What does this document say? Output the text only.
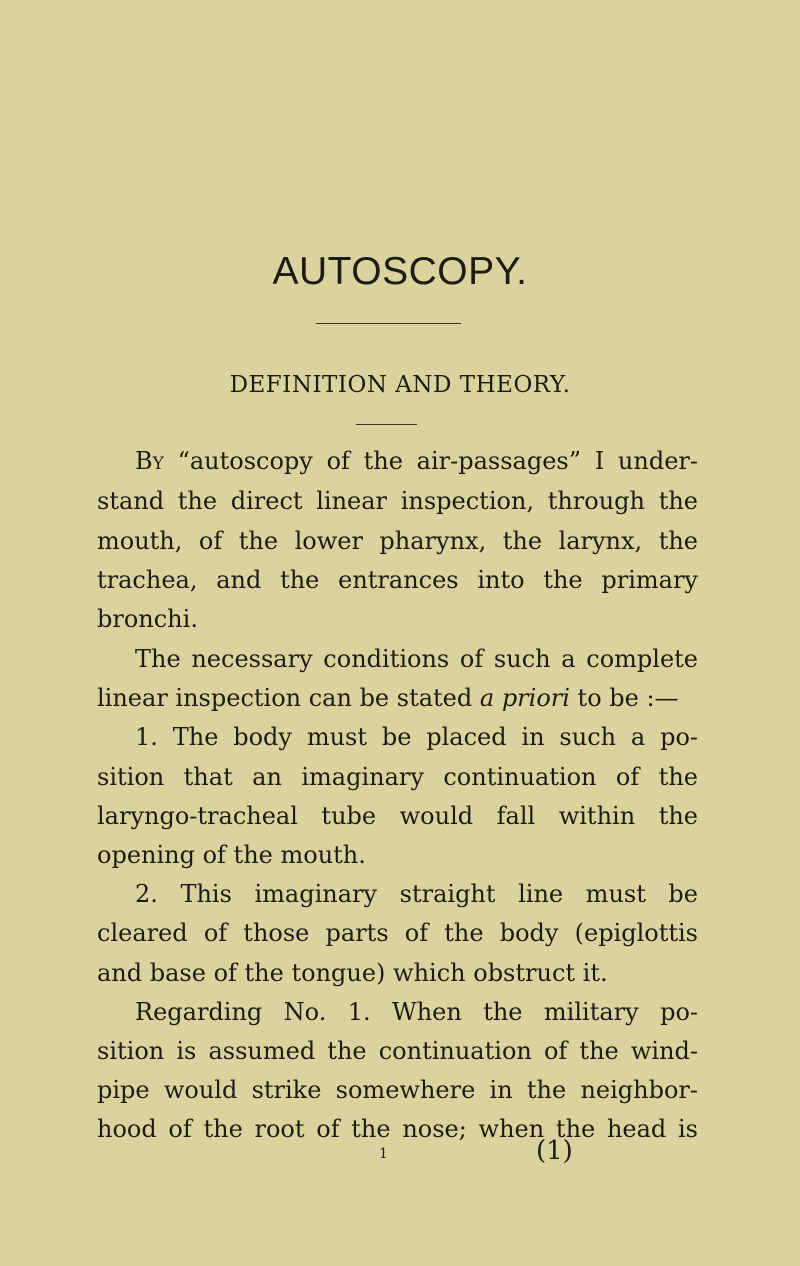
AUTOSCOPY.
DEFINITION AND THEORY.
By “autoscopy of the air-passages” I under-
stand the direct linear inspection, through the
mouth, of the lower pharynx, the larynx, the
trachea, and the entrances into the primary
bronchi.
The necessary conditions of such a complete
linear inspection can be stated a priori to be :—
1. The body must be placed in such a po-
sition that an imaginary continuation of the
laryngo-tracheal tube would fall within the
opening of the mouth.
2. This imaginary straight line must be
cleared of those parts of the body (epiglottis
and base of the tongue) which obstruct it.
Regarding No. 1. When the military po-
sition is assumed the continuation of the wind-
pipe would strike somewhere in the neighbor-
hood of the root of the nose; when the head is
1	(1)
